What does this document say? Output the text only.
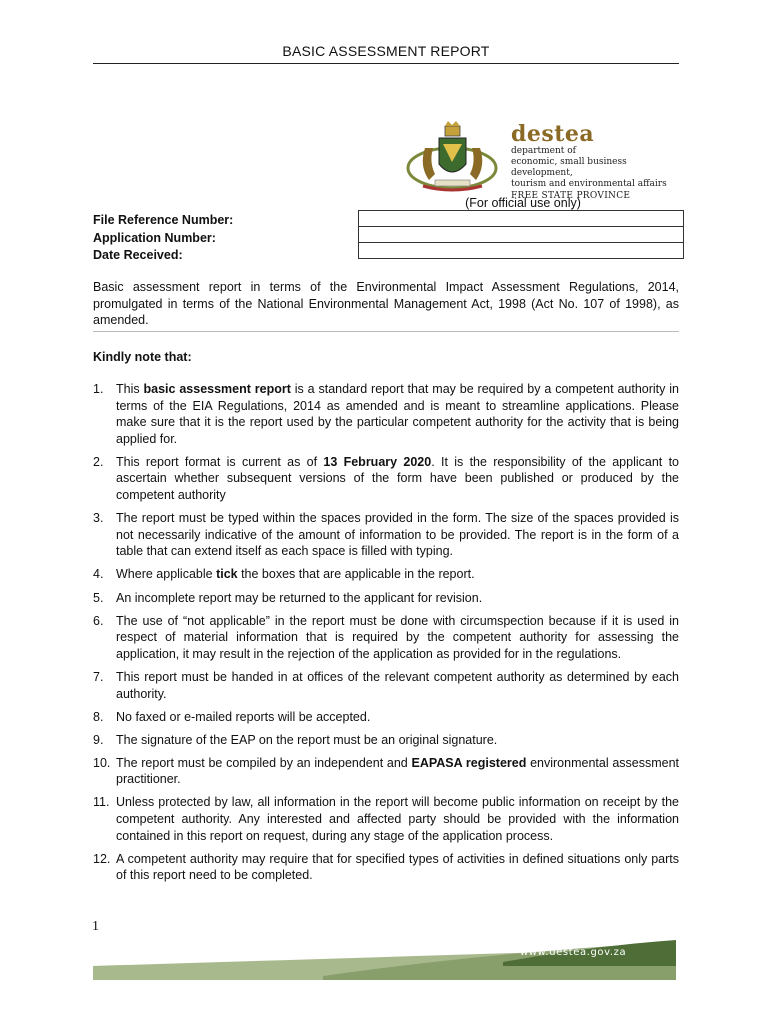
BASIC ASSESSMENT REPORT
destea
department of
economic, small business development,
tourism and environmental affairs
FREE STATE PROVINCE
(For official use only)

File Reference Number:
Application Number:
Date Received:
Basic assessment report in terms of the Environmental Impact Assessment Regulations, 2014, promulgated in terms of the National Environmental Management Act, 1998 (Act No. 107 of 1998), as amended.
Kindly note that:
1. This basic assessment report is a standard report that may be required by a competent authority in terms of the EIA Regulations, 2014 as amended and is meant to streamline applications. Please make sure that it is the report used by the particular competent authority for the activity that is being applied for.
2. This report format is current as of 13 February 2020. It is the responsibility of the applicant to ascertain whether subsequent versions of the form have been published or produced by the competent authority
3. The report must be typed within the spaces provided in the form. The size of the spaces provided is not necessarily indicative of the amount of information to be provided. The report is in the form of a table that can extend itself as each space is filled with typing.
4. Where applicable tick the boxes that are applicable in the report.
5. An incomplete report may be returned to the applicant for revision.
6. The use of “not applicable” in the report must be done with circumspection because if it is used in respect of material information that is required by the competent authority for assessing the application, it may result in the rejection of the application as provided for in the regulations.
7. This report must be handed in at offices of the relevant competent authority as determined by each authority.
8. No faxed or e-mailed reports will be accepted.
9. The signature of the EAP on the report must be an original signature.
10. The report must be compiled by an independent and EAPASA registered environmental assessment practitioner.
11. Unless protected by law, all information in the report will become public information on receipt by the competent authority. Any interested and affected party should be provided with the information contained in this report on request, during any stage of the application process.
12. A competent authority may require that for specified types of activities in defined situations only parts of this report need to be completed.
1
www.destea.gov.za
